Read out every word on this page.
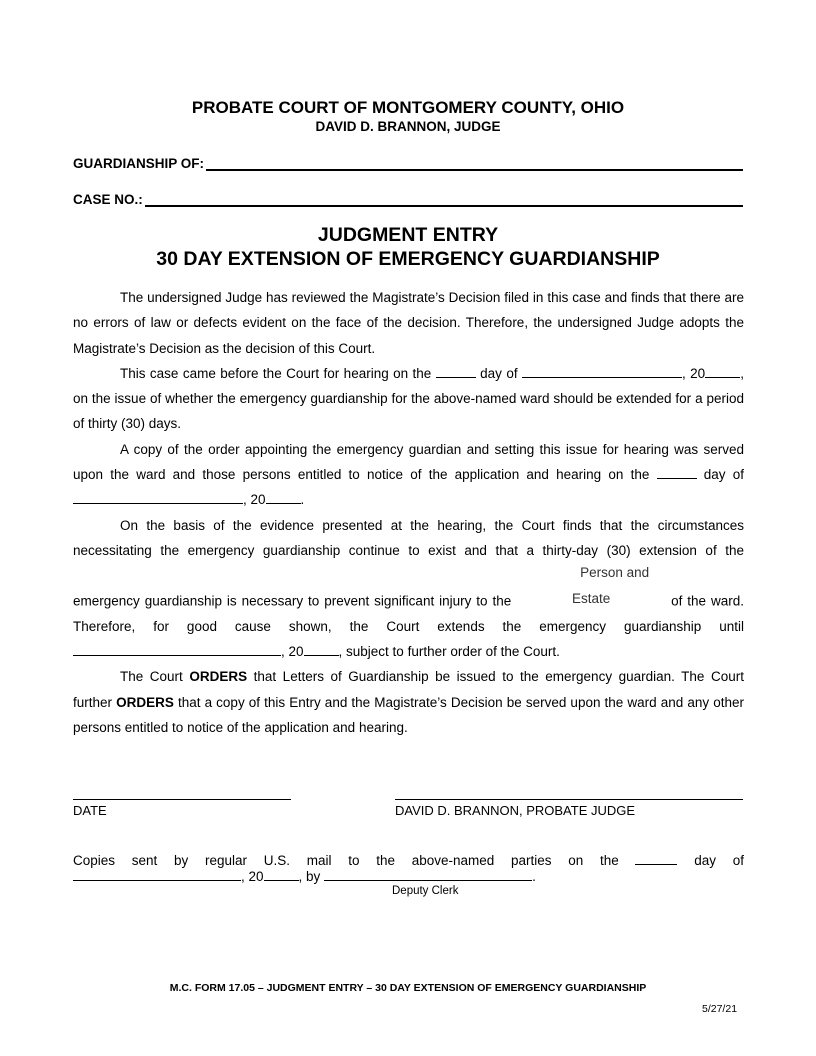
PROBATE COURT OF MONTGOMERY COUNTY, OHIO
DAVID D. BRANNON, JUDGE
GUARDIANSHIP OF:
CASE NO.:
JUDGMENT ENTRY
30 DAY EXTENSION OF EMERGENCY GUARDIANSHIP

The undersigned Judge has reviewed the Magistrate’s Decision filed in this case and finds that there are no errors of law or defects evident on the face of the decision. Therefore, the undersigned Judge adopts the Magistrate’s Decision as the decision of this Court.

This case came before the Court for hearing on the	day of	, 20	, on the issue of whether the emergency guardianship for the above-named ward should be extended for a period of thirty (30) days.

A copy of the order appointing the emergency guardian and setting this issue for hearing was served upon the ward and those persons entitled to notice of the application and hearing on the	day of , 20	.

On the basis of the evidence presented at the hearing, the Court finds that the circumstances necessitating the emergency guardianship continue to exist and that a thirty-day (30) extension of the emergency guardianship is necessary to prevent significant injury to the Person and Estate	of the ward. Therefore, for good cause shown, the Court extends the emergency guardianship until , 20	, subject to further order of the Court.

The Court ORDERS that Letters of Guardianship be issued to the emergency guardian. The Court further ORDERS that a copy of this Entry and the Magistrate’s Decision be served upon the ward and any other persons entitled to notice of the application and hearing.

DATE	DAVID D. BRANNON, PROBATE JUDGE
Copies sent by regular U.S. mail to the above-named parties on the	day of
, 20	, by	.
Deputy Clerk
M.C. FORM 17.05 – JUDGMENT ENTRY – 30 DAY EXTENSION OF EMERGENCY GUARDIANSHIP
5/27/21
